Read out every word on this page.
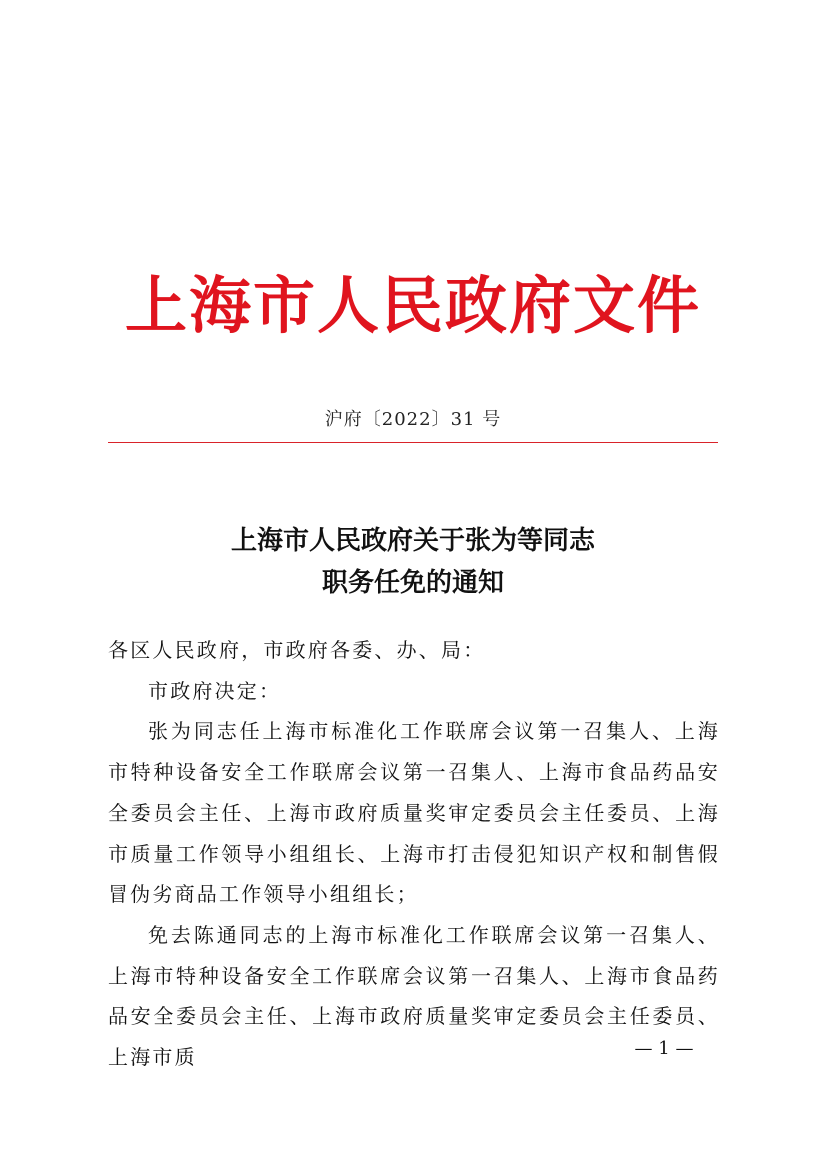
上海市人民政府文件
沪府〔2022〕31 号
上海市人民政府关于张为等同志
职务任免的通知

各区人民政府，市政府各委、办、局：

市政府决定：

张为同志任上海市标准化工作联席会议第一召集人、上海市特种设备安全工作联席会议第一召集人、上海市食品药品安全委员会主任、上海市政府质量奖审定委员会主任委员、上海市质量工作领导小组组长、上海市打击侵犯知识产权和制售假冒伪劣商品工作领导小组组长；

免去陈通同志的上海市标准化工作联席会议第一召集人、上海市特种设备安全工作联席会议第一召集人、上海市食品药品安全委员会主任、上海市政府质量奖审定委员会主任委员、上海市质	— 1 —
